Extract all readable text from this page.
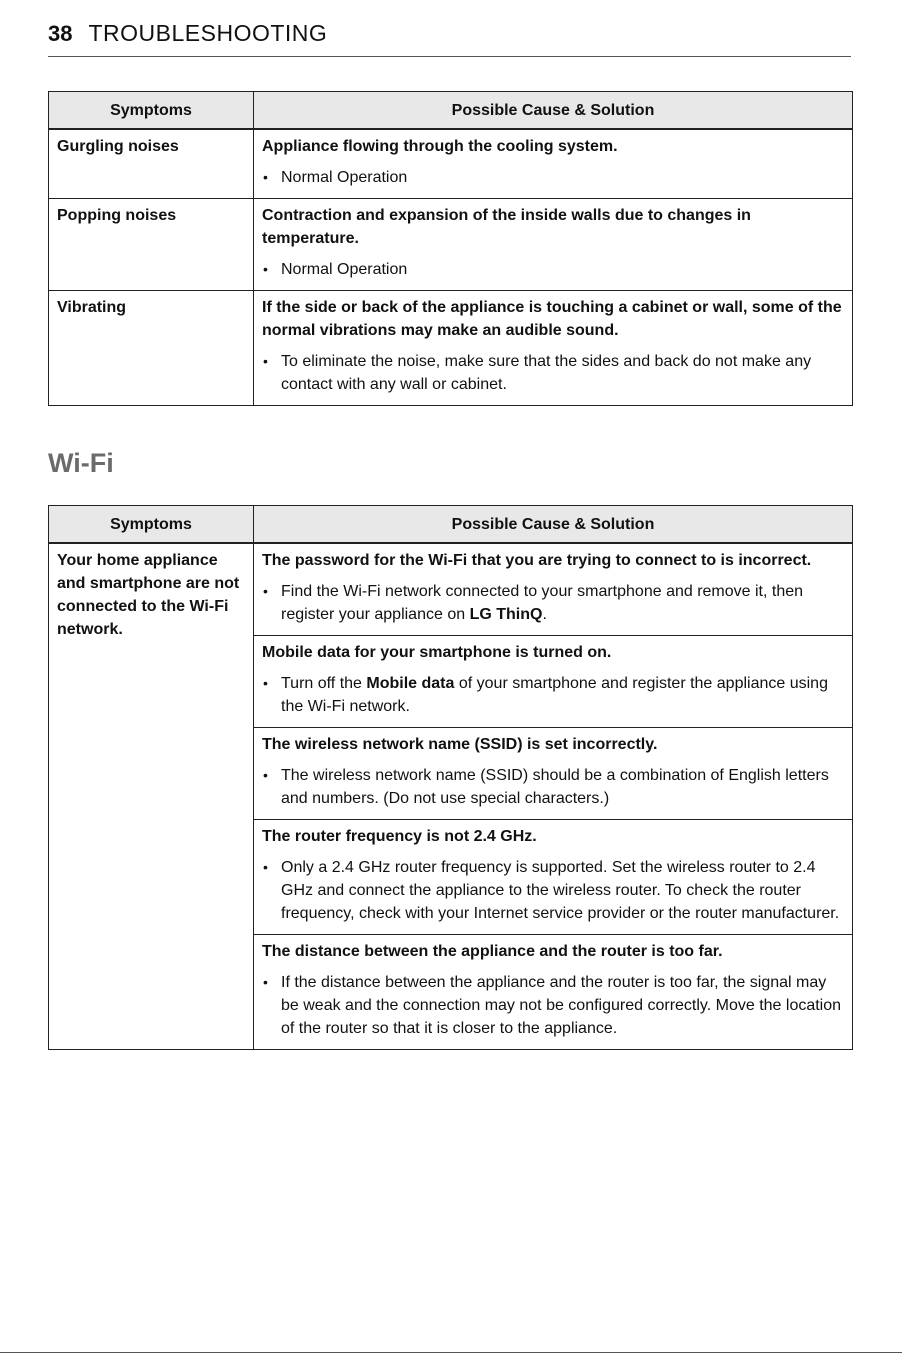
38 TROUBLESHOOTING
Symptoms	Possible Cause & Solution
Gurgling noises	Appliance flowing through the cooling system.

• Normal Operation

Popping noises	Contraction and expansion of the inside walls due to changes in temperature.

• Normal Operation

Vibrating	If the side or back of the appliance is touching a cabinet or wall, some of the normal vibrations may make an audible sound.

• To eliminate the noise, make sure that the sides and back do not make any contact with any wall or cabinet.

Wi-Fi
Symptoms	Possible Cause & Solution
Your home appliance and smartphone are not connected to the Wi-Fi network.	The password for the Wi-Fi that you are trying to connect to is incorrect.

• Find the Wi-Fi network connected to your smartphone and remove it, then register your appliance on LG ThinQ.

	Mobile data for your smartphone is turned on.

• Turn off the Mobile data of your smartphone and register the appliance using the Wi-Fi network.

	The wireless network name (SSID) is set incorrectly.

• The wireless network name (SSID) should be a combination of English letters and numbers. (Do not use special characters.)

	The router frequency is not 2.4 GHz.

• Only a 2.4 GHz router frequency is supported. Set the wireless router to 2.4 GHz and connect the appliance to the wireless router. To check the router frequency, check with your Internet service provider or the router manufacturer.

	The distance between the appliance and the router is too far.

• If the distance between the appliance and the router is too far, the signal may be weak and the connection may not be configured correctly. Move the location of the router so that it is closer to the appliance.
